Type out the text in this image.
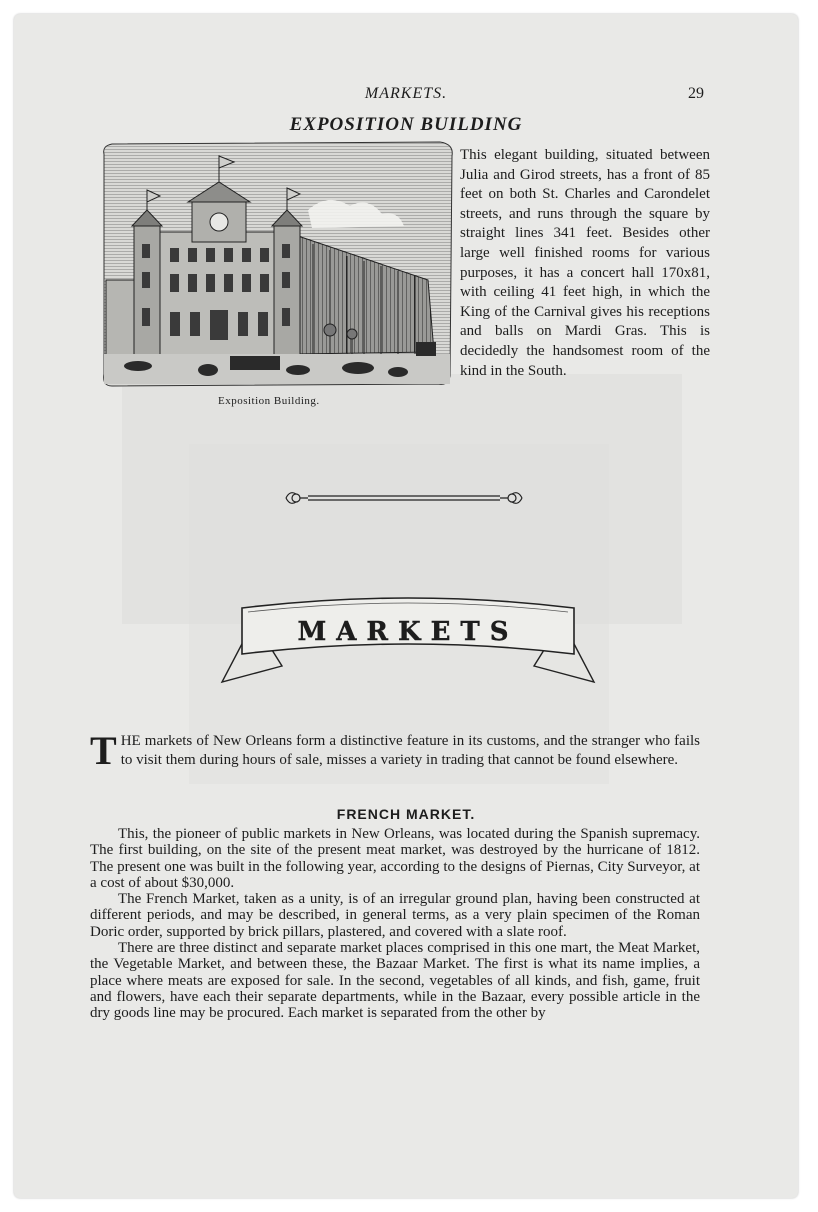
MARKETS.	29
EXPOSITION BUILDING
Exposition Building.
This elegant building, situated between Julia and Girod streets, has a front of 85 feet on both St. Charles and Carondelet streets, and runs through the square by straight lines 341 feet. Besides other large well finished rooms for various purposes, it has a concert hall 170x81, with ceiling 41 feet high, in which the King of the Carnival gives his receptions and balls on Mardi Gras. This is decidedly the handsomest room of the kind in the South.
MARKETS
THE markets of New Orleans form a distinctive feature in its customs, and the stranger who fails to visit them during hours of sale, misses a variety in trading that cannot be found elsewhere.
FRENCH MARKET.

This, the pioneer of public markets in New Orleans, was located during the Spanish supremacy. The first building, on the site of the present meat market, was destroyed by the hurricane of 1812. The present one was built in the following year, according to the designs of Piernas, City Surveyor, at a cost of about $30,000.

The French Market, taken as a unity, is of an irregular ground plan, having been constructed at different periods, and may be described, in general terms, as a very plain specimen of the Roman Doric order, supported by brick pillars, plastered, and covered with a slate roof.

There are three distinct and separate market places comprised in this one mart, the Meat Market, the Vegetable Market, and between these, the Bazaar Market. The first is what its name implies, a place where meats are exposed for sale. In the second, vegetables of all kinds, and fish, game, fruit and flowers, have each their separate departments, while in the Bazaar, every possible article in the dry goods line may be procured. Each market is separated from the other by
